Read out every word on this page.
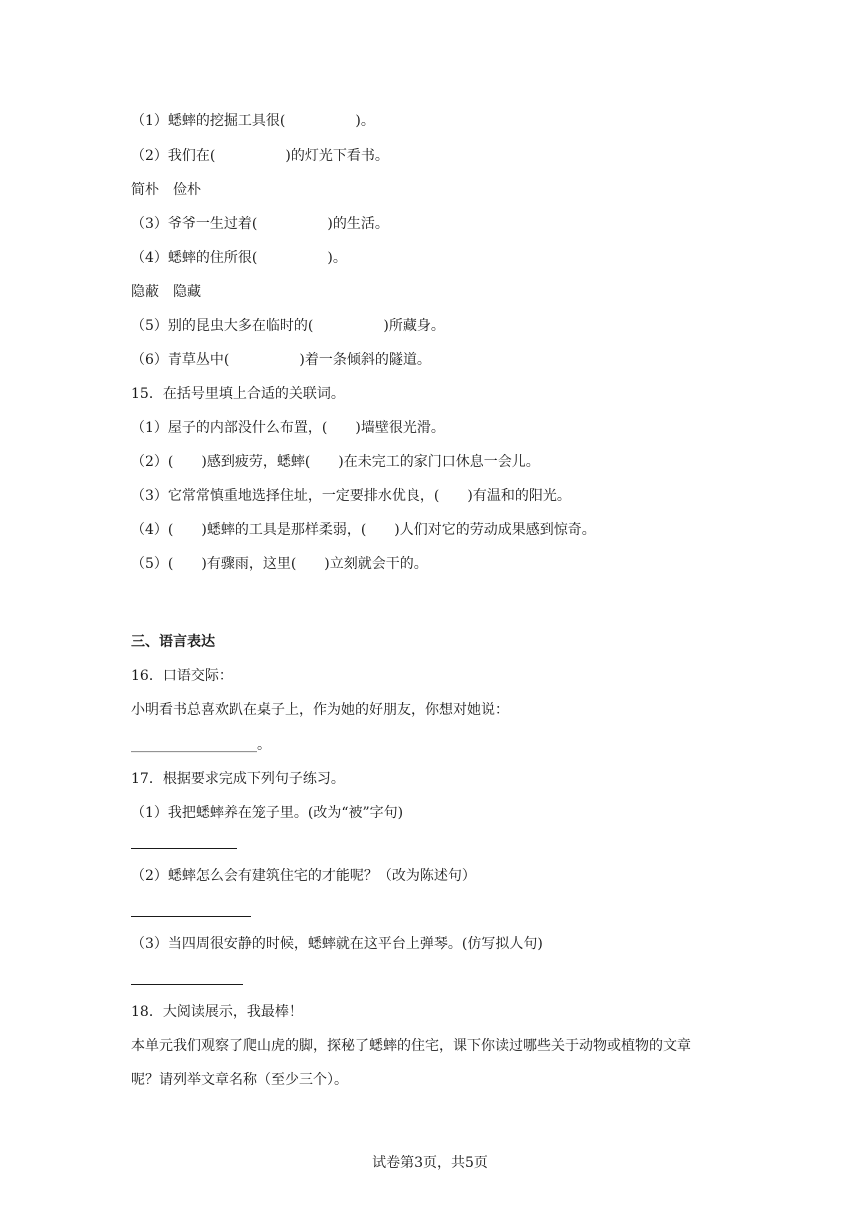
（1）蟋蟀的挖掘工具很(　　　　　)。
（2）我们在(　　　　　)的灯光下看书。
简朴　俭朴
（3）爷爷一生过着(　　　　　)的生活。
（4）蟋蟀的住所很(　　　　　)。
隐蔽　隐藏
（5）别的昆虫大多在临时的(　　　　　)所藏身。
（6）青草丛中(　　　　　)着一条倾斜的隧道。
15．在括号里填上合适的关联词。
（1）屋子的内部没什么布置，(　　)墙壁很光滑。
（2）(　　)感到疲劳，蟋蟀(　　)在未完工的家门口休息一会儿。
（3）它常常慎重地选择住址，一定要排水优良，(　　)有温和的阳光。
（4）(　　)蟋蟀的工具是那样柔弱，(　　)人们对它的劳动成果感到惊奇。
（5）(　　)有骤雨，这里(　　)立刻就会干的。
三、语言表达
16．口语交际：
小明看书总喜欢趴在桌子上，作为她的好朋友，你想对她说：
__________________。
17．根据要求完成下列句子练习。
（1）我把蟋蟀养在笼子里。(改为“被”字句)
（2）蟋蟀怎么会有建筑住宅的才能呢？（改为陈述句）
（3）当四周很安静的时候，蟋蟀就在这平台上弹琴。(仿写拟人句)
18．大阅读展示，我最棒！
本单元我们观察了爬山虎的脚，探秘了蟋蟀的住宅，课下你读过哪些关于动物或植物的文章
呢？请列举文章名称（至少三个）。
试卷第3页，共5页
